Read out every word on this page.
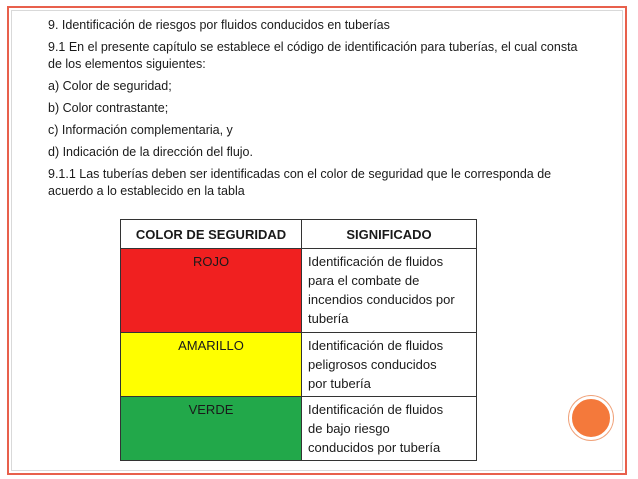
9. Identificación de riesgos por fluidos conducidos en tuberías

9.1 En el presente capítulo se establece el código de identificación para tuberías, el cual consta
de los elementos siguientes:

a) Color de seguridad;

b) Color contrastante;

c) Información complementaria, y

d) Indicación de la dirección del flujo.

9.1.1 Las tuberías deben ser identificadas con el color de seguridad que le corresponda de
acuerdo a lo establecido en la tabla

COLOR DE SEGURIDAD	SIGNIFICADO
ROJO	Identificación de fluidos
para el combate de
incendios conducidos por
tubería
AMARILLO	Identificación de fluidos
peligrosos conducidos
por tubería
VERDE	Identificación de fluidos
de bajo riesgo
conducidos por tubería
